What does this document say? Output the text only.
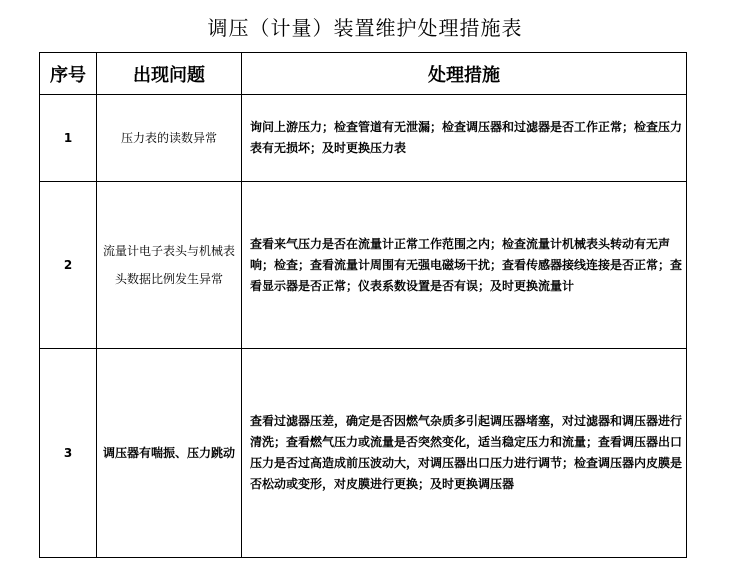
调压（计量）装置维护处理措施表
序号	出现问题	处理措施
1	压力表的读数异常	询问上游压力；检查管道有无泄漏；检查调压器和过滤器是否工作正常；检查压力表有无损坏；及时更换压力表
2	流量计电子表头与机械表头数据比例发生异常	查看来气压力是否在流量计正常工作范围之内；检查流量计机械表头转动有无声响；检查；查看流量计周围有无强电磁场干扰；查看传感器接线连接是否正常；查看显示器是否正常；仪表系数设置是否有误；及时更换流量计
3	调压器有喘振、压力跳动	查看过滤器压差，确定是否因燃气杂质多引起调压器堵塞，对过滤器和调压器进行清洗；查看燃气压力或流量是否突然变化，适当稳定压力和流量；查看调压器出口压力是否过高造成前压波动大，对调压器出口压力进行调节；检查调压器内皮膜是否松动或变形，对皮膜进行更换；及时更换调压器
